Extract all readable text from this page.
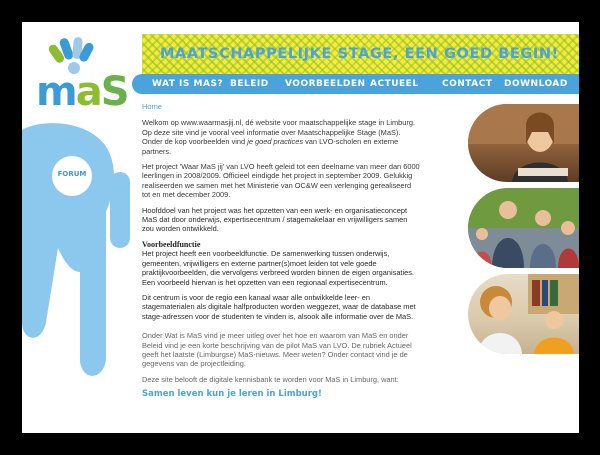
maS
MAATSCHAPPELIJKE STAGE, EEN GOED BEGIN!
WAT IS MAS? BELEID VOORBEELDEN ACTUEEL	CONTACT DOWNLOAD
FORUM
Home

Welkom op www.waarmasjij.nl, dé website voor maatschappelijke stage in Limburg. Op deze site vind je vooral veel informatie over Maatschappelijke Stage (MaS). Onder de kop voorbeelden vind je goed practices van LVO-scholen en externe partners.

Het project 'Waar MaS jij' van LVO heeft geleid tot een deelname van meer dan 6000 leerlingen in 2008/2009. Officieel eindigde het project in september 2009. Gelukkig realiseerden we samen met het Ministerie van OC&W een verlenging gerealiseerd tot en met december 2009.

Hoofddoel van het project was het opzetten van een werk- en organisatieconcept MaS dat door onderwijs, expertisecentrum / stagemakelaar en vrijwilligers samen zou worden ontwikkeld.

Voorbeeldfunctie

Het project heeft een voorbeeldfunctie. De samenwerking tussen onderwijs, gemeenten, vrijwilligers en externe partner(s)moet leiden tot vele goede praktijkvoorbeelden, die vervolgens verbreed worden binnen de eigen organisaties. Een voorbeeld hiervan is het opzetten van een regionaal expertisecentrum.

Dit centrum is voor de regio een kanaal waar alle ontwikkelde leer- en stagematerialen als digitale halfproducten worden weggezet, waar de database met stage-adressen voor de studenten te vinden is, alsook alle informatie over de MaS.

Onder Wat is MaS vind je meer uitleg over het hoe en waarom van MaS en onder Beleid vind je een korte beschrijving van de pilot MaS van LVO. De rubriek Actueel geeft het laatste (Limburgse) MaS-nieuws. Meer weten? Onder contact vind je de gegevens van de projectleiding.

Deze site belooft de digitale kennisbank te worden voor MaS in Limburg, want:

Samen leven kun je leren in Limburg!
